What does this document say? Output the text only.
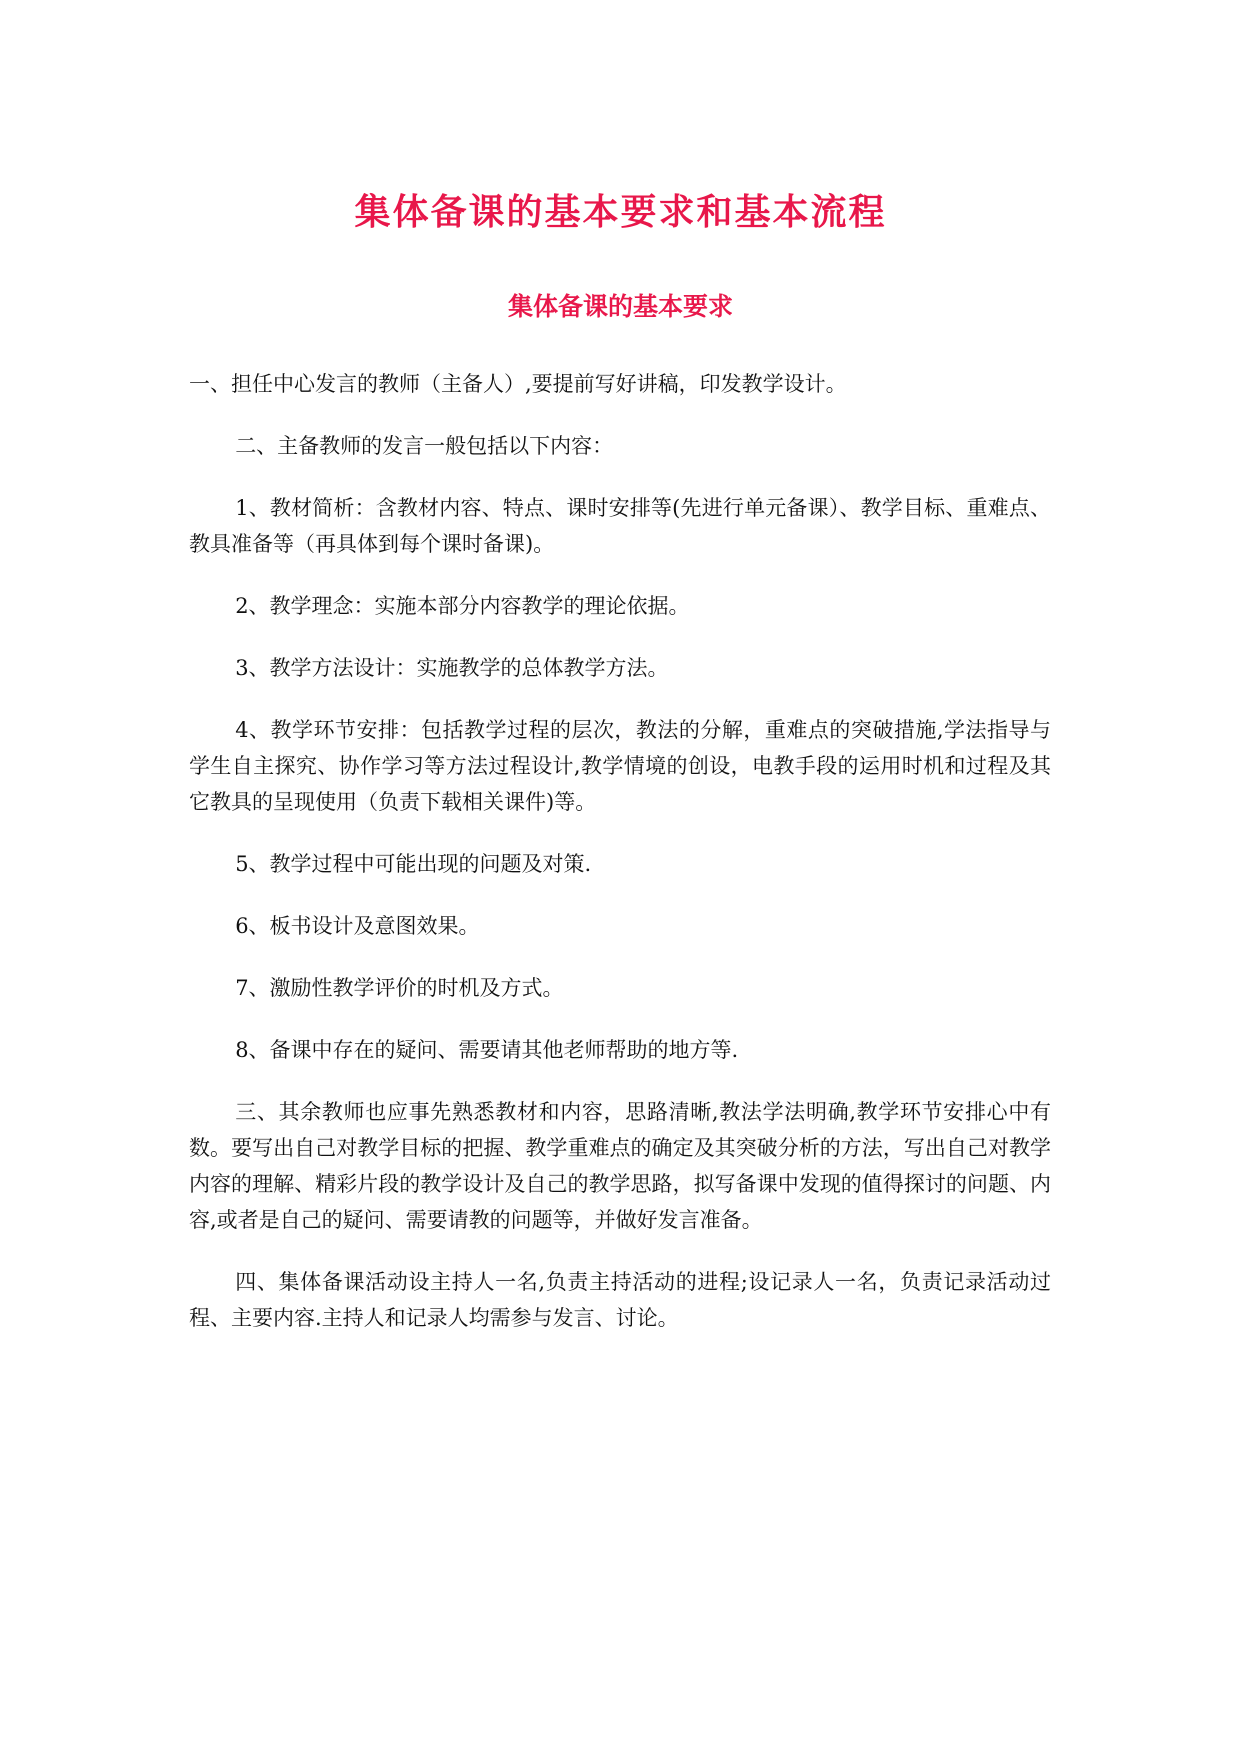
集体备课的基本要求和基本流程
集体备课的基本要求

一、担任中心发言的教师（主备人）,要提前写好讲稿，印发教学设计。

二、主备教师的发言一般包括以下内容：

1、教材简析：含教材内容、特点、课时安排等(先进行单元备课）、教学目标、重难点、教具准备等（再具体到每个课时备课)。

2、教学理念：实施本部分内容教学的理论依据。

3、教学方法设计：实施教学的总体教学方法。

4、教学环节安排：包括教学过程的层次，教法的分解，重难点的突破措施,学法指导与学生自主探究、协作学习等方法过程设计,教学情境的创设，电教手段的运用时机和过程及其它教具的呈现使用（负责下载相关课件)等。

5、教学过程中可能出现的问题及对策.

6、板书设计及意图效果。

7、激励性教学评价的时机及方式。

8、备课中存在的疑问、需要请其他老师帮助的地方等.

三、其余教师也应事先熟悉教材和内容，思路清晰,教法学法明确,教学环节安排心中有数。要写出自己对教学目标的把握、教学重难点的确定及其突破分析的方法，写出自己对教学内容的理解、精彩片段的教学设计及自己的教学思路，拟写备课中发现的值得探讨的问题、内容,或者是自己的疑问、需要请教的问题等，并做好发言准备。

四、集体备课活动设主持人一名,负责主持活动的进程;设记录人一名，负责记录活动过程、主要内容.主持人和记录人均需参与发言、讨论。
